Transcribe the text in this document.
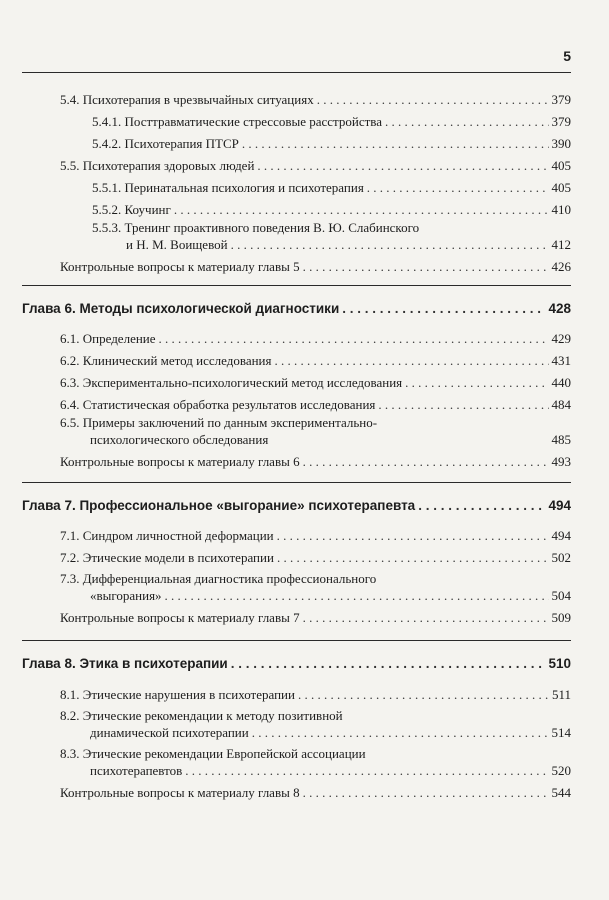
5
5.4. Психотерапия в чрезвычайных ситуациях . . .	379
5.4.1. Посттравматические стрессовые расстройства . . .	379
5.4.2. Психотерапия ПТСР . . .	390
5.5. Психотерапия здоровых людей . . .	405
5.5.1. Перинатальная психология и психотерапия . . .	405
5.5.2. Коучинг . . .	410
5.5.3. Тренинг проактивного поведения В. Ю. Слабинского
и Н. М. Воищевой . . .	412
Контрольные вопросы к материалу главы 5 . . .	426
Глава 6. Методы психологической диагностики . . .	428
6.1. Определение . . .	429
6.2. Клинический метод исследования . . .	431
6.3. Экспериментально-психологический метод исследования . . .	440
6.4. Статистическая обработка результатов исследования . . .	484
6.5. Примеры заключений по данным экспериментально-
психологического обследования	485
Контрольные вопросы к материалу главы 6 . . .	493
Глава 7. Профессиональное «выгорание» психотерапевта . . .	494
7.1. Синдром личностной деформации . . .	494
7.2. Этические модели в психотерапии . . .	502
7.3. Дифференциальная диагностика профессионального
«выгорания» . . .	504
Контрольные вопросы к материалу главы 7 . . .	509
Глава 8. Этика в психотерапии . . .	510
8.1. Этические нарушения в психотерапии . . .	511
8.2. Этические рекомендации к методу позитивной
динамической психотерапии . . .	514
8.3. Этические рекомендации Европейской ассоциации
психотерапевтов . . .	520
Контрольные вопросы к материалу главы 8 . . .	544
